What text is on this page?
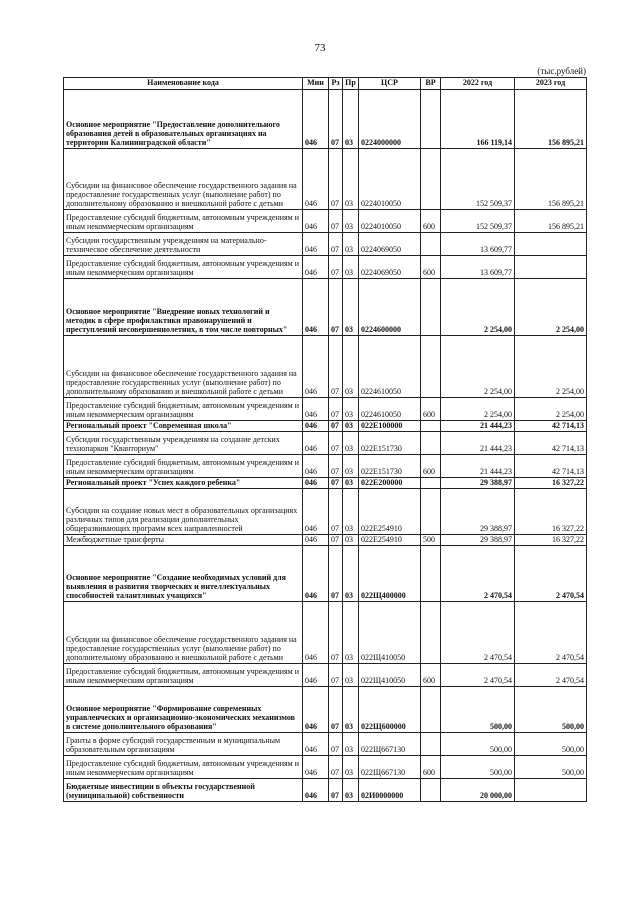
73
(тыс.рублей)
Наименование кода	Мин	Рз	Пр	ЦСР	ВР	2022 год	2023 год
Основное мероприятие "Предоставление дополнительного образования детей в образовательных организациях на территории Калининградской области"	046	07	03	0224000000		166 119,14	156 895,21
Субсидии на финансовое обеспечение государственного задания на предоставление государственных услуг (выполнение работ) по дополнительному образованию и внешкольной работе с детьми	046	07	03	0224010050		152 509,37	156 895,21
Предоставление субсидий бюджетным, автономным учреждениям и иным некоммерческим организациям	046	07	03	0224010050	600	152 509,37	156 895,21
Субсидии государственным учреждениям на материально-техническое обеспечение деятельности	046	07	03	0224069050		13 609,77	
Предоставление субсидий бюджетным, автономным учреждениям и иным некоммерческим организациям	046	07	03	0224069050	600	13 609,77	
Основное мероприятие "Внедрение новых технологий и методик в сфере профилактики правонарушений и преступлений несовершеннолетних, в том числе повторных"	046	07	03	0224600000		2 254,00	2 254,00
Субсидии на финансовое обеспечение государственного задания на предоставление государственных услуг (выполнение работ) по дополнительному образованию и внешкольной работе с детьми	046	07	03	0224610050		2 254,00	2 254,00
Предоставление субсидий бюджетным, автономным учреждениям и иным некоммерческим организациям	046	07	03	0224610050	600	2 254,00	2 254,00
Региональный проект "Современная школа"	046	07	03	022E100000		21 444,23	42 714,13
Субсидии государственным учреждениям на создание детских технопарков "Кванториум"	046	07	03	022E151730		21 444,23	42 714,13
Предоставление субсидий бюджетным, автономным учреждениям и иным некоммерческим организациям	046	07	03	022E151730	600	21 444,23	42 714,13
Региональный проект "Успех каждого ребенка"	046	07	03	022E200000		29 388,97	16 327,22
Субсидии на создание новых мест в образовательных организациях различных типов для реализации дополнительных общеразвивающих программ всех направленностей	046	07	03	022E254910		29 388,97	16 327,22
Межбюджетные трансферты	046	07	03	022E254910	500	29 388,97	16 327,22
Основное мероприятие "Создание необходимых условий для выявления и развития творческих и интеллектуальных способностей талантливых учащихся"	046	07	03	022Щ400000		2 470,54	2 470,54
Субсидии на финансовое обеспечение государственного задания на предоставление государственных услуг (выполнение работ) по дополнительному образованию и внешкольной работе с детьми	046	07	03	022Щ410050		2 470,54	2 470,54
Предоставление субсидий бюджетным, автономным учреждениям и иным некоммерческим организациям	046	07	03	022Щ410050	600	2 470,54	2 470,54
Основное мероприятие "Формирование современных управленческих и организационно-экономических механизмов в системе дополнительного образования"	046	07	03	022Щ600000		500,00	500,00
Гранты в форме субсидий государственным и муниципальным образовательным организациям	046	07	03	022Щ667130		500,00	500,00
Предоставление субсидий бюджетным, автономным учреждениям и иным некоммерческим организациям	046	07	03	022Щ667130	600	500,00	500,00
Бюджетные инвестиции в объекты государственной (муниципальной) собственности	046	07	03	02И0000000		20 000,00	
